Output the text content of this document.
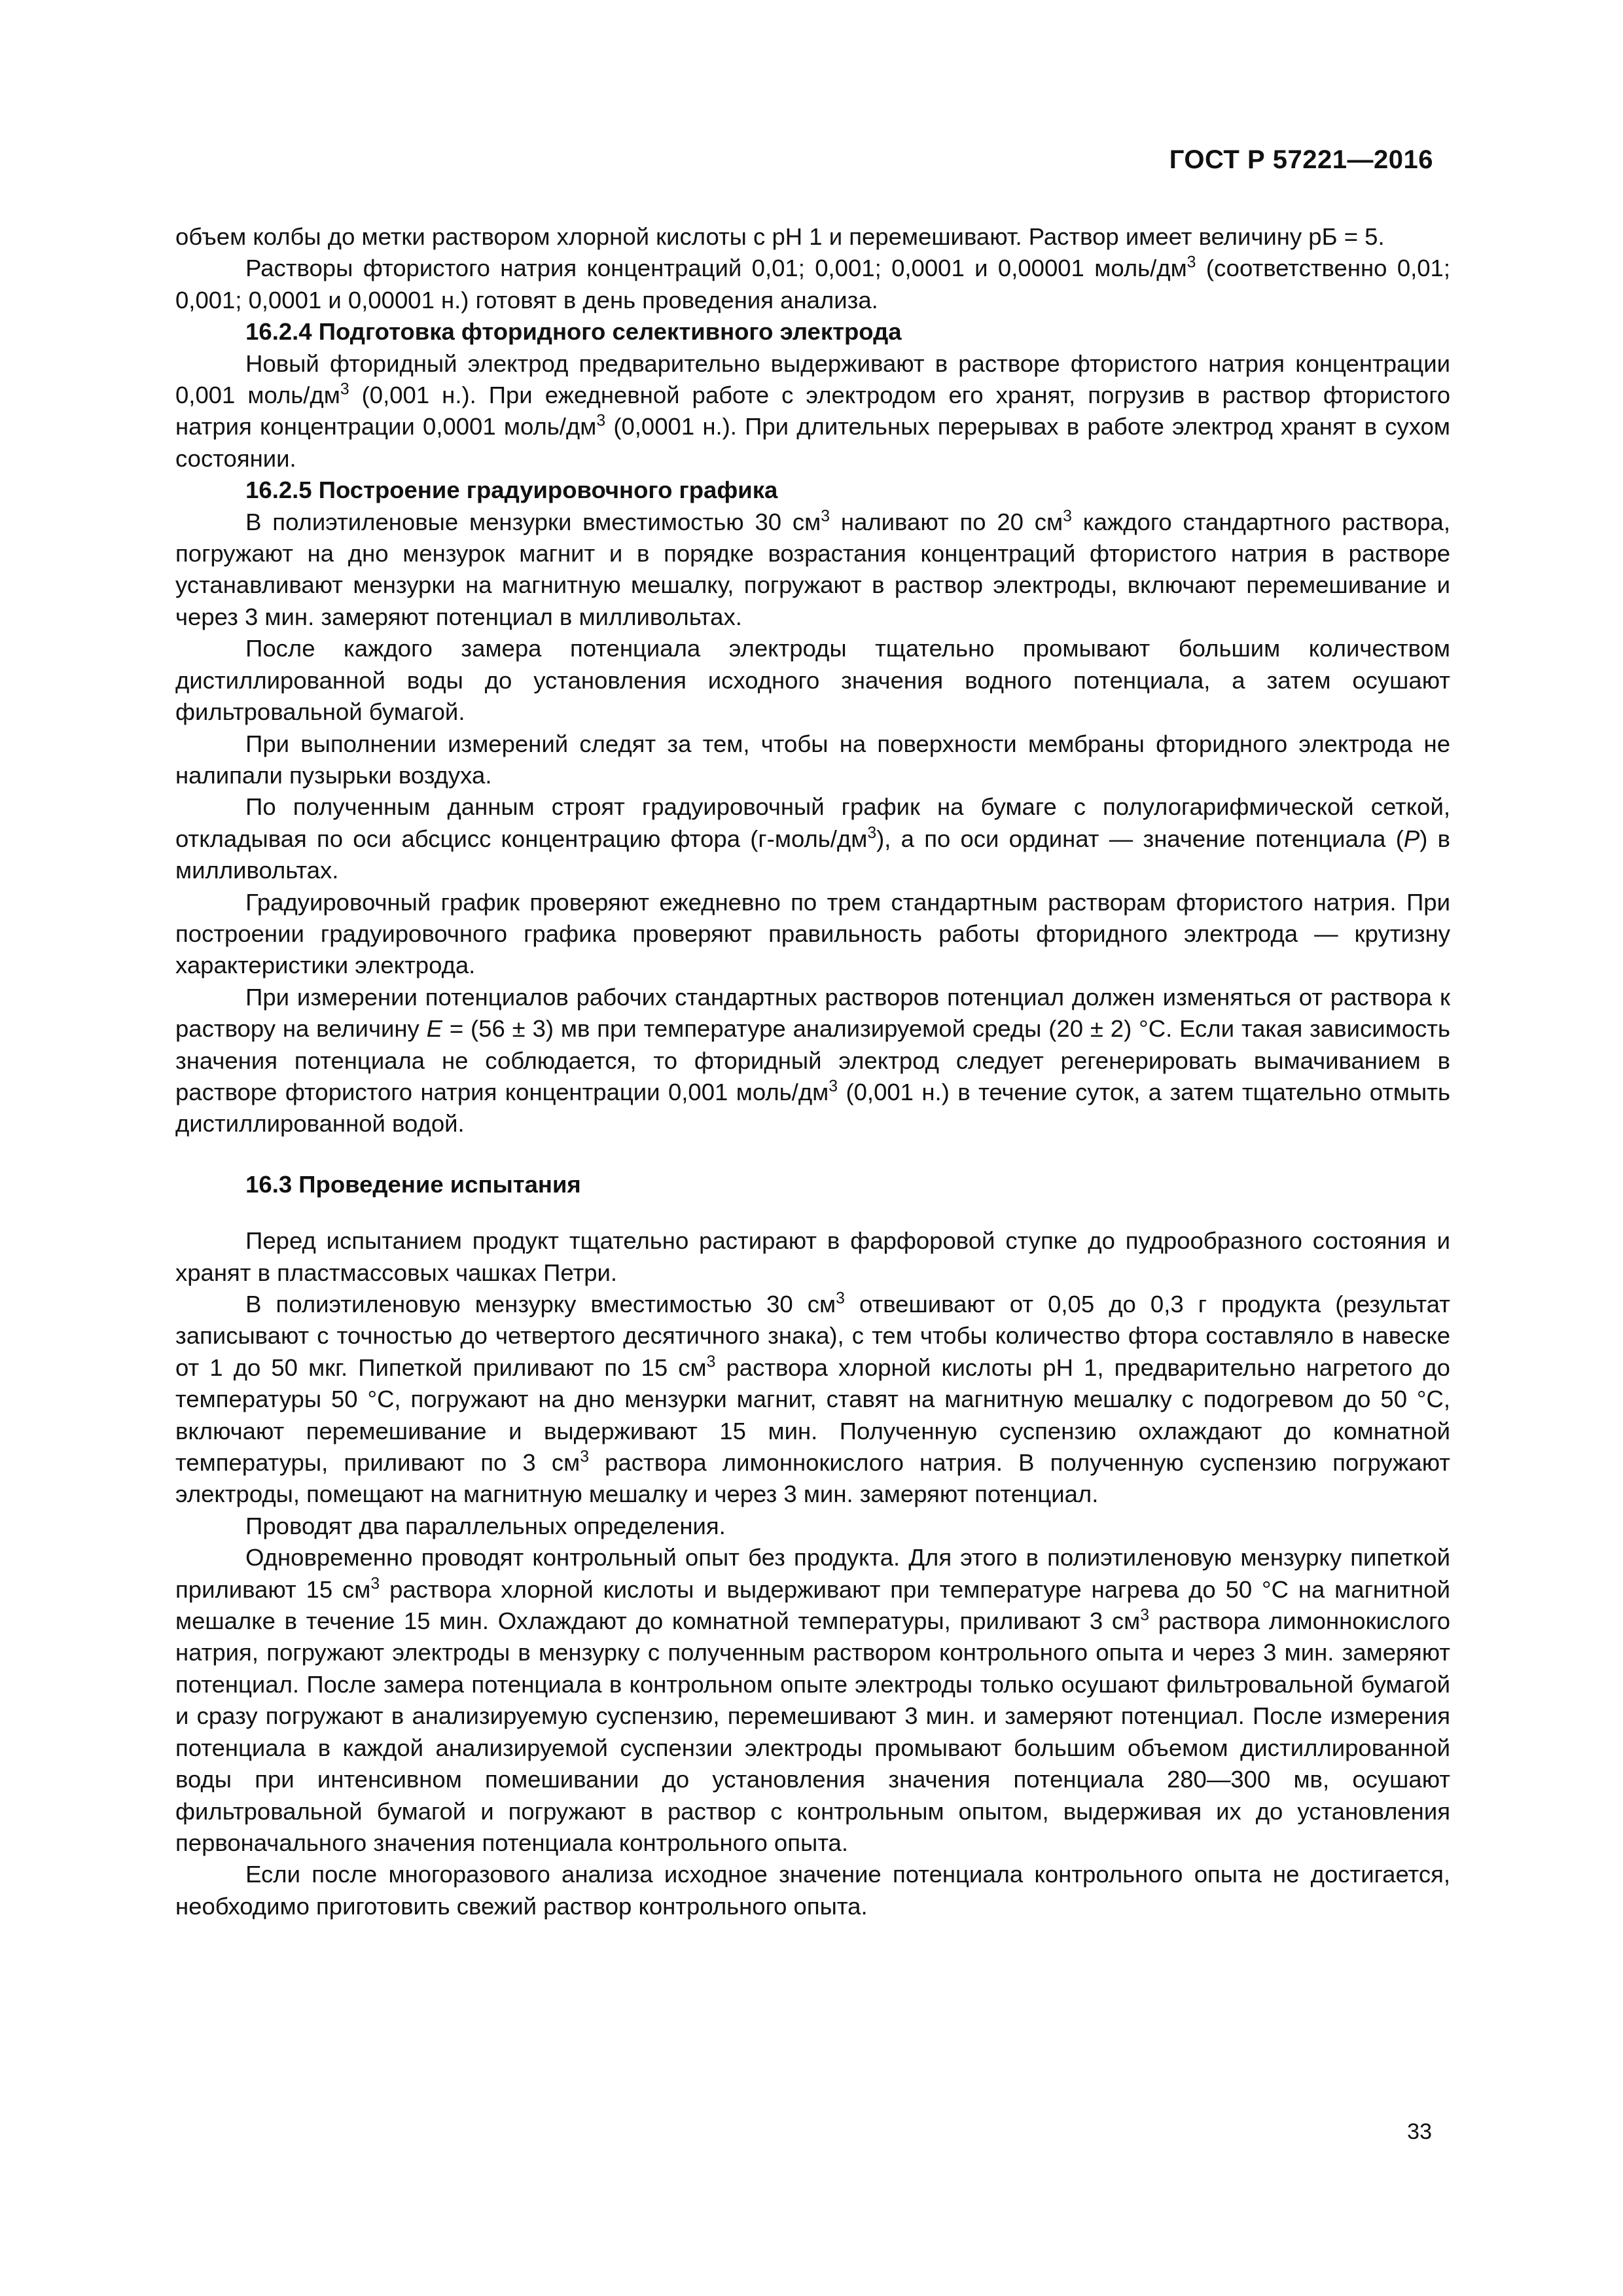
ГОСТ Р 57221—2016

объем колбы до метки раствором хлорной кислоты с рН 1 и перемешивают. Раствор имеет величину рБ = 5.

Растворы фтористого натрия концентраций 0,01; 0,001; 0,0001 и 0,00001 моль/$дм^3$ (соответственно 0,01; 0,001; 0,0001 и 0,00001 н.) готовят в день проведения анализа.

16.2.4 Подготовка фторидного селективного электрода

Новый фторидный электрод предварительно выдерживают в растворе фтористого натрия концентрации 0,001 моль/$дм^3$ (0,001 н.). При ежедневной работе с электродом его хранят, погрузив в раствор фтористого натрия концентрации 0,0001 моль/$дм^3$ (0,0001 н.). При длительных перерывах в работе электрод хранят в сухом состоянии.

16.2.5 Построение градуировочного графика

В полиэтиленовые мензурки вместимостью 30 $см^3$ наливают по 20 $см^3$ каждого стандартного раствора, погружают на дно мензурок магнит и в порядке возрастания концентраций фтористого натрия в растворе устанавливают мензурки на магнитную мешалку, погружают в раствор электроды, включают перемешивание и через 3 мин. замеряют потенциал в милливольтах.

После каждого замера потенциала электроды тщательно промывают большим количеством дистиллированной воды до установления исходного значения водного потенциала, а затем осушают фильтровальной бумагой.

При выполнении измерений следят за тем, чтобы на поверхности мембраны фторидного электрода не налипали пузырьки воздуха.

По полученным данным строят градуировочный график на бумаге с полулогарифмической сеткой, откладывая по оси абсцисс концентрацию фтора $(г-моль/дм^3)$, а по оси ординат — значение потенциала (P) в милливольтах.

Градуировочный график проверяют ежедневно по трем стандартным растворам фтористого натрия. При построении градуировочного графика проверяют правильность работы фторидного электрода — крутизну характеристики электрода.

При измерении потенциалов рабочих стандартных растворов потенциал должен изменяться от раствора к раствору на величину E = (56 ± 3) мв при температуре анализируемой среды (20 ± 2) °С. Если такая зависимость значения потенциала не соблюдается, то фторидный электрод следует регенерировать вымачиванием в растворе фтористого натрия концентрации 0,001 моль/$дм^3$ (0,001 н.) в течение суток, а затем тщательно отмыть дистиллированной водой.

16.3 Проведение испытания

Перед испытанием продукт тщательно растирают в фарфоровой ступке до пудрообразного состояния и хранят в пластмассовых чашках Петри.

В полиэтиленовую мензурку вместимостью 30 $см^3$ отвешивают от 0,05 до 0,3 г продукта (результат записывают с точностью до четвертого десятичного знака), с тем чтобы количество фтора составляло в навеске от 1 до 50 мкг. Пипеткой приливают по 15 $см^3$ раствора хлорной кислоты рН 1, предварительно нагретого до температуры 50 °С, погружают на дно мензурки магнит, ставят на магнитную мешалку с подогревом до 50 °С, включают перемешивание и выдерживают 15 мин. Полученную суспензию охлаждают до комнатной температуры, приливают по 3 $см^3$ раствора лимоннокислого натрия. В полученную суспензию погружают электроды, помещают на магнитную мешалку и через 3 мин. замеряют потенциал.

Проводят два параллельных определения.

Одновременно проводят контрольный опыт без продукта. Для этого в полиэтиленовую мензурку пипеткой приливают 15 $см^3$ раствора хлорной кислоты и выдерживают при температуре нагрева до 50 °С на магнитной мешалке в течение 15 мин. Охлаждают до комнатной температуры, приливают 3 $см^3$ раствора лимоннокислого натрия, погружают электроды в мензурку с полученным раствором контрольного опыта и через 3 мин. замеряют потенциал. После замера потенциала в контрольном опыте электроды только осушают фильтровальной бумагой и сразу погружают в анализируемую суспензию, перемешивают 3 мин. и замеряют потенциал. После измерения потенциала в каждой анализируемой суспензии электроды промывают большим объемом дистиллированной воды при интенсивном помешивании до установления значения потенциала 280—300 мв, осушают фильтровальной бумагой и погружают в раствор с контрольным опытом, выдерживая их до установления первоначального значения потенциала контрольного опыта.

Если после многоразового анализа исходное значение потенциала контрольного опыта не достигается, необходимо приготовить свежий раствор контрольного опыта.

33
